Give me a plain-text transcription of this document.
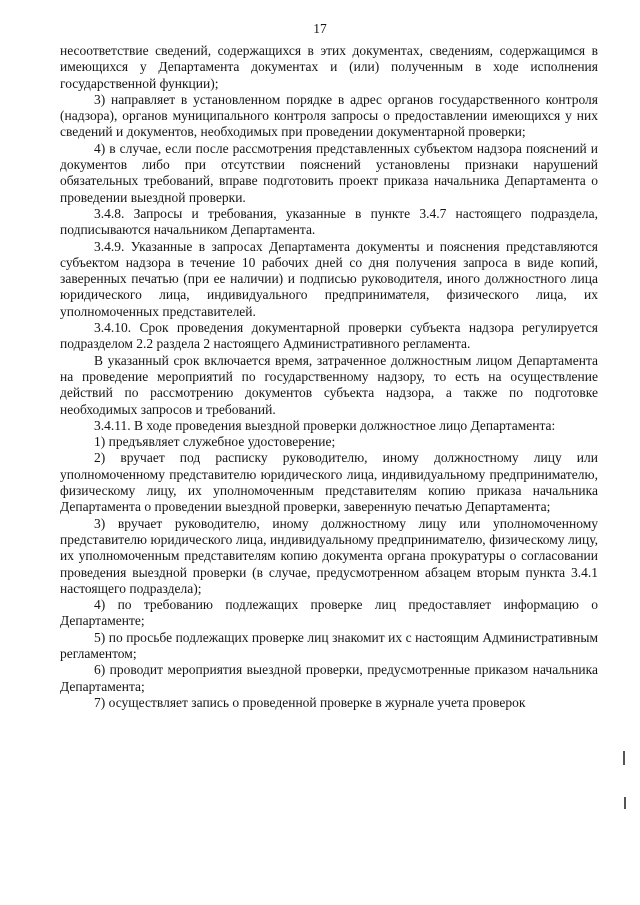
17

несоответствие сведений, содержащихся в этих документах, сведениям, содержащимся в имеющихся у Департамента документах и (или) полученным в ходе исполнения государственной функции);

3) направляет в установленном порядке в адрес органов государственного контроля (надзора), органов муниципального контроля запросы о предоставлении имеющихся у них сведений и документов, необходимых при проведении документарной проверки;

4) в случае, если после рассмотрения представленных субъектом надзора пояснений и документов либо при отсутствии пояснений установлены признаки нарушений обязательных требований, вправе подготовить проект приказа начальника Департамента о проведении выездной проверки.

3.4.8. Запросы и требования, указанные в пункте 3.4.7 настоящего подраздела, подписываются начальником Департамента.

3.4.9. Указанные в запросах Департамента документы и пояснения представляются субъектом надзора в течение 10 рабочих дней со дня получения запроса в виде копий, заверенных печатью (при ее наличии) и подписью руководителя, иного должностного лица юридического лица, индивидуального предпринимателя, физического лица, их уполномоченных представителей.

3.4.10. Срок проведения документарной проверки субъекта надзора регулируется подразделом 2.2 раздела 2 настоящего Административного регламента.

В указанный срок включается время, затраченное должностным лицом Департамента на проведение мероприятий по государственному надзору, то есть на осуществление действий по рассмотрению документов субъекта надзора, а также по подготовке необходимых запросов и требований.

3.4.11. В ходе проведения выездной проверки должностное лицо Департамента:

1) предъявляет служебное удостоверение;

2) вручает под расписку руководителю, иному должностному лицу или уполномоченному представителю юридического лица, индивидуальному предпринимателю, физическому лицу, их уполномоченным представителям копию приказа начальника Департамента о проведении выездной проверки, заверенную печатью Департамента;

3) вручает руководителю, иному должностному лицу или уполномоченному представителю юридического лица, индивидуальному предпринимателю, физическому лицу, их уполномоченным представителям копию документа органа прокуратуры о согласовании проведения выездной проверки (в случае, предусмотренном абзацем вторым пункта 3.4.1 настоящего подраздела);

4) по требованию подлежащих проверке лиц предоставляет информацию о Департаменте;

5) по просьбе подлежащих проверке лиц знакомит их с настоящим Административным регламентом;

6) проводит мероприятия выездной проверки, предусмотренные приказом начальника Департамента;

7) осуществляет запись о проведенной проверке в журнале учета проверок
